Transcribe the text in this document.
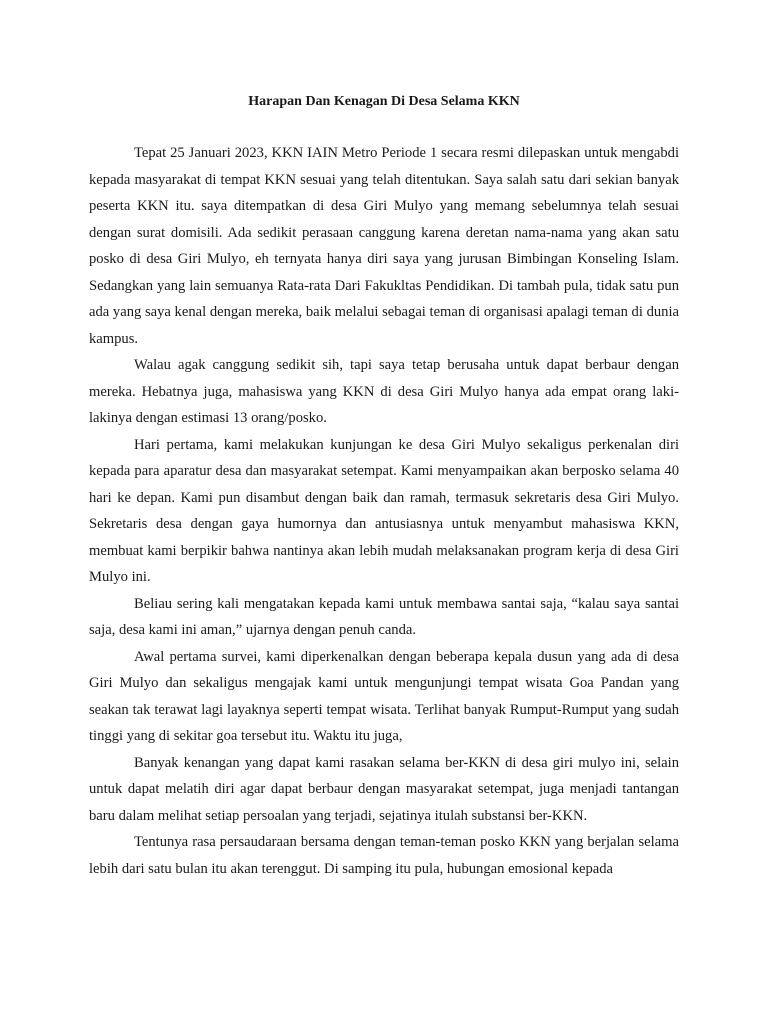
Harapan Dan Kenagan Di Desa Selama KKN

Tepat 25 Januari 2023, KKN IAIN Metro Periode 1 secara resmi dilepaskan untuk mengabdi kepada masyarakat di tempat KKN sesuai yang telah ditentukan. Saya salah satu dari sekian banyak peserta KKN itu. saya ditempatkan di desa Giri Mulyo yang memang sebelumnya telah sesuai dengan surat domisili. Ada sedikit perasaan canggung karena deretan nama-nama yang akan satu posko di desa Giri Mulyo, eh ternyata hanya diri saya yang jurusan Bimbingan Konseling Islam. Sedangkan yang lain semuanya Rata-rata Dari Fakukltas Pendidikan. Di tambah pula, tidak satu pun ada yang saya kenal dengan mereka, baik melalui sebagai teman di organisasi apalagi teman di dunia kampus.

Walau agak canggung sedikit sih, tapi saya tetap berusaha untuk dapat berbaur dengan mereka. Hebatnya juga, mahasiswa yang KKN di desa Giri Mulyo hanya ada empat orang laki-lakinya dengan estimasi 13 orang/posko.

Hari pertama, kami melakukan kunjungan ke desa Giri Mulyo sekaligus perkenalan diri kepada para aparatur desa dan masyarakat setempat. Kami menyampaikan akan berposko selama 40 hari ke depan. Kami pun disambut dengan baik dan ramah, termasuk sekretaris desa Giri Mulyo. Sekretaris desa dengan gaya humornya dan antusiasnya untuk menyambut mahasiswa KKN, membuat kami berpikir bahwa nantinya akan lebih mudah melaksanakan program kerja di desa Giri Mulyo ini.

Beliau sering kali mengatakan kepada kami untuk membawa santai saja, “kalau saya santai saja, desa kami ini aman,” ujarnya dengan penuh canda.

Awal pertama survei, kami diperkenalkan dengan beberapa kepala dusun yang ada di desa Giri Mulyo dan sekaligus mengajak kami untuk mengunjungi tempat wisata Goa Pandan yang seakan tak terawat lagi layaknya seperti tempat wisata. Terlihat banyak Rumput-Rumput yang sudah tinggi yang di sekitar goa tersebut itu. Waktu itu juga,

Banyak kenangan yang dapat kami rasakan selama ber-KKN di desa giri mulyo ini, selain untuk dapat melatih diri agar dapat berbaur dengan masyarakat setempat, juga menjadi tantangan baru dalam melihat setiap persoalan yang terjadi, sejatinya itulah substansi ber-KKN.

Tentunya rasa persaudaraan bersama dengan teman-teman posko KKN yang berjalan selama lebih dari satu bulan itu akan terenggut. Di samping itu pula, hubungan emosional kepada
